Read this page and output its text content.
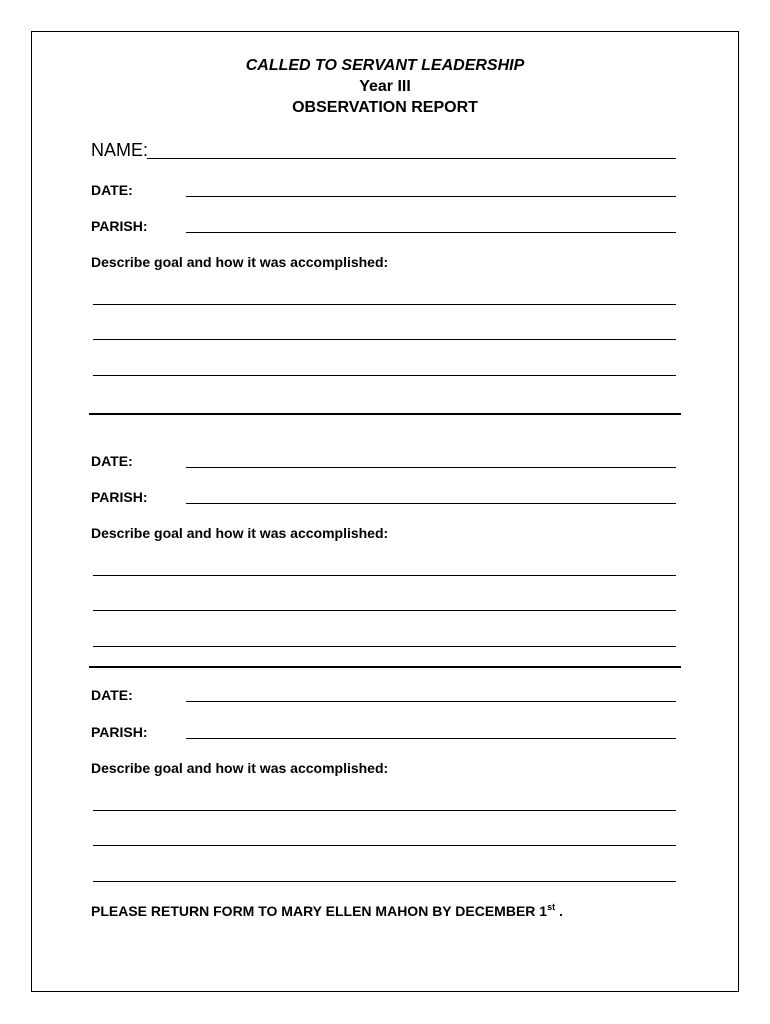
CALLED TO SERVANT LEADERSHIP
Year III
OBSERVATION REPORT
NAME:
DATE:
PARISH:
Describe goal and how it was accomplished:
DATE:
PARISH:
Describe goal and how it was accomplished:
DATE:
PARISH:
Describe goal and how it was accomplished:
PLEASE RETURN FORM TO MARY ELLEN MAHON BY DECEMBER 1st .
